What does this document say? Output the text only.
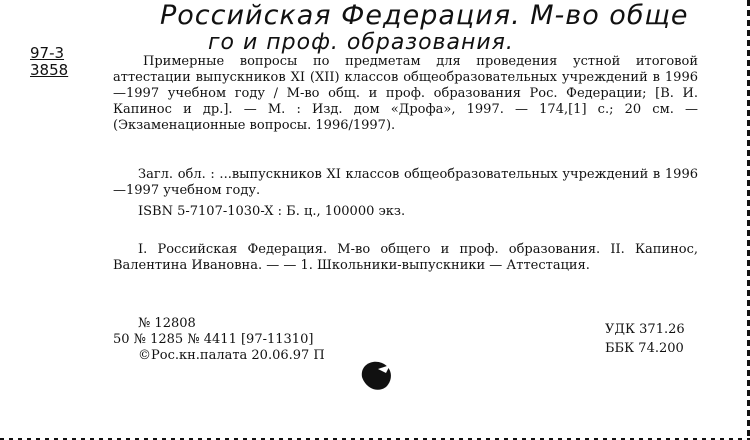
Российская Федерация. М-во обще
го и проф. образования.
97-3
3858	Примерные вопросы по предметам для проведения устной итоговой аттестации выпускников XI (XII) классов общеобразовательных учреждений в 1996—1997 учебном году / М-во общ. и проф. образования Рос. Федерации; [В. И. Капинос и др.]. — М. : Изд. дом «Дрофа», 1997. — 174,[1] с.; 20 см. — (Экзаменационные вопросы. 1996/1997).
Загл. обл. : ...выпускников XI классов общеобразовательных учреждений в 1996—1997 учебном году.
ISBN 5-7107-1030-X : Б. ц., 100000 экз.
I. Российская Федерация. М-во общего и проф. образования. II. Капинос, Валентина Ивановна. — — 1. Школьники-выпускники — Аттестация.
№ 12808
50 № 1285 № 4411 [97-11310]
©Рос.кн.палата 20.06.97 П
УДК 371.26
ББК 74.200
